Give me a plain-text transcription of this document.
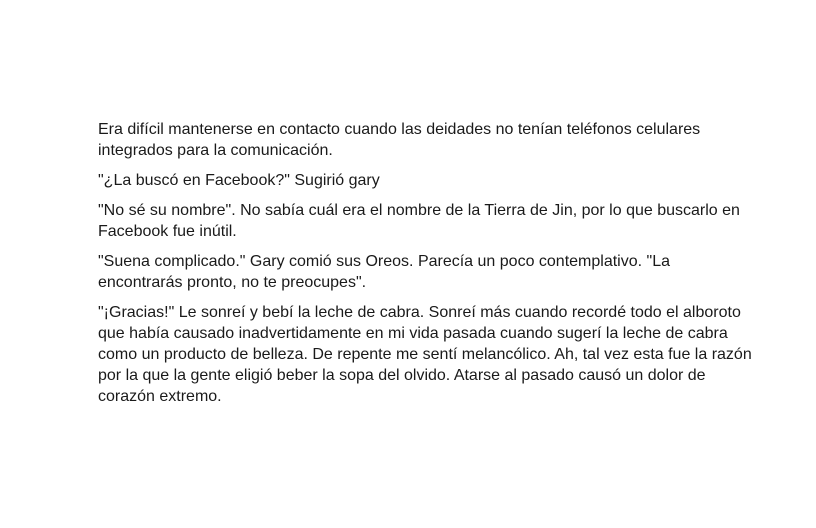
Era difícil mantenerse en contacto cuando las deidades no tenían teléfonos celulares integrados para la comunicación.

"¿La buscó en Facebook?" Sugirió gary

"No sé su nombre". No sabía cuál era el nombre de la Tierra de Jin, por lo que buscarlo en Facebook fue inútil.

"Suena complicado." Gary comió sus Oreos. Parecía un poco contemplativo. "La encontrarás pronto, no te preocupes".

"¡Gracias!" Le sonreí y bebí la leche de cabra. Sonreí más cuando recordé todo el alboroto que había causado inadvertidamente en mi vida pasada cuando sugerí la leche de cabra como un producto de belleza. De repente me sentí melancólico. Ah, tal vez esta fue la razón por la que la gente eligió beber la sopa del olvido. Atarse al pasado causó un dolor de corazón extremo.
